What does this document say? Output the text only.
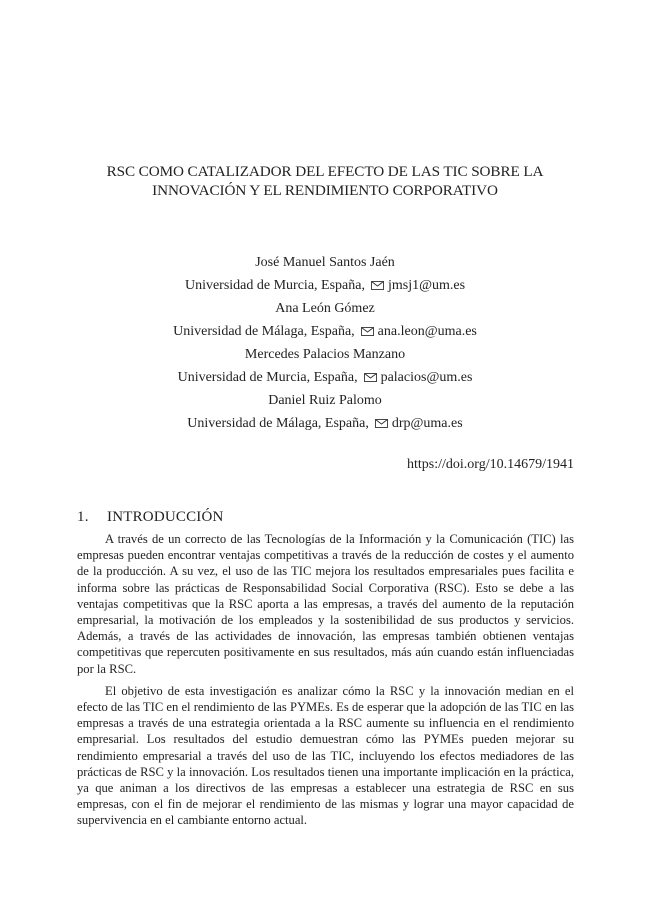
RSC COMO CATALIZADOR DEL EFECTO DE LAS TIC SOBRE LA
INNOVACIÓN Y EL RENDIMIENTO CORPORATIVO
José Manuel Santos Jaén
Universidad de Murcia, España, jmsj1@um.es
Ana León Gómez
Universidad de Málaga, España, ana.leon@uma.es
Mercedes Palacios Manzano
Universidad de Murcia, España, palacios@um.es
Daniel Ruiz Palomo
Universidad de Málaga, España, drp@uma.es
https://doi.org/10.14679/1941
1. INTRODUCCIÓN

A través de un correcto de las Tecnologías de la Información y la Comunicación (TIC) las empresas pueden encontrar ventajas competitivas a través de la reducción de costes y el aumento de la producción. A su vez, el uso de las TIC mejora los resultados empresariales pues facilita e informa sobre las prácticas de Responsabilidad Social Corporativa (RSC). Esto se debe a las ventajas competitivas que la RSC aporta a las empresas, a través del aumento de la reputación empresarial, la motivación de los empleados y la sostenibilidad de sus productos y servicios. Además, a través de las actividades de innovación, las empresas también obtienen ventajas competitivas que repercuten positivamente en sus resultados, más aún cuando están influenciadas por la RSC.

El objetivo de esta investigación es analizar cómo la RSC y la innovación median en el efecto de las TIC en el rendimiento de las PYMEs. Es de esperar que la adopción de las TIC en las empresas a través de una estrategia orientada a la RSC aumente su influencia en el rendimiento empresarial. Los resultados del estudio demuestran cómo las PYMEs pueden mejorar su rendimiento empresarial a través del uso de las TIC, incluyendo los efectos mediadores de las prácticas de RSC y la innovación. Los resultados tienen una importante implicación en la práctica, ya que animan a los directivos de las empresas a establecer una estrategia de RSC en sus empresas, con el fin de mejorar el rendimiento de las mismas y lograr una mayor capacidad de supervivencia en el cambiante entorno actual.
